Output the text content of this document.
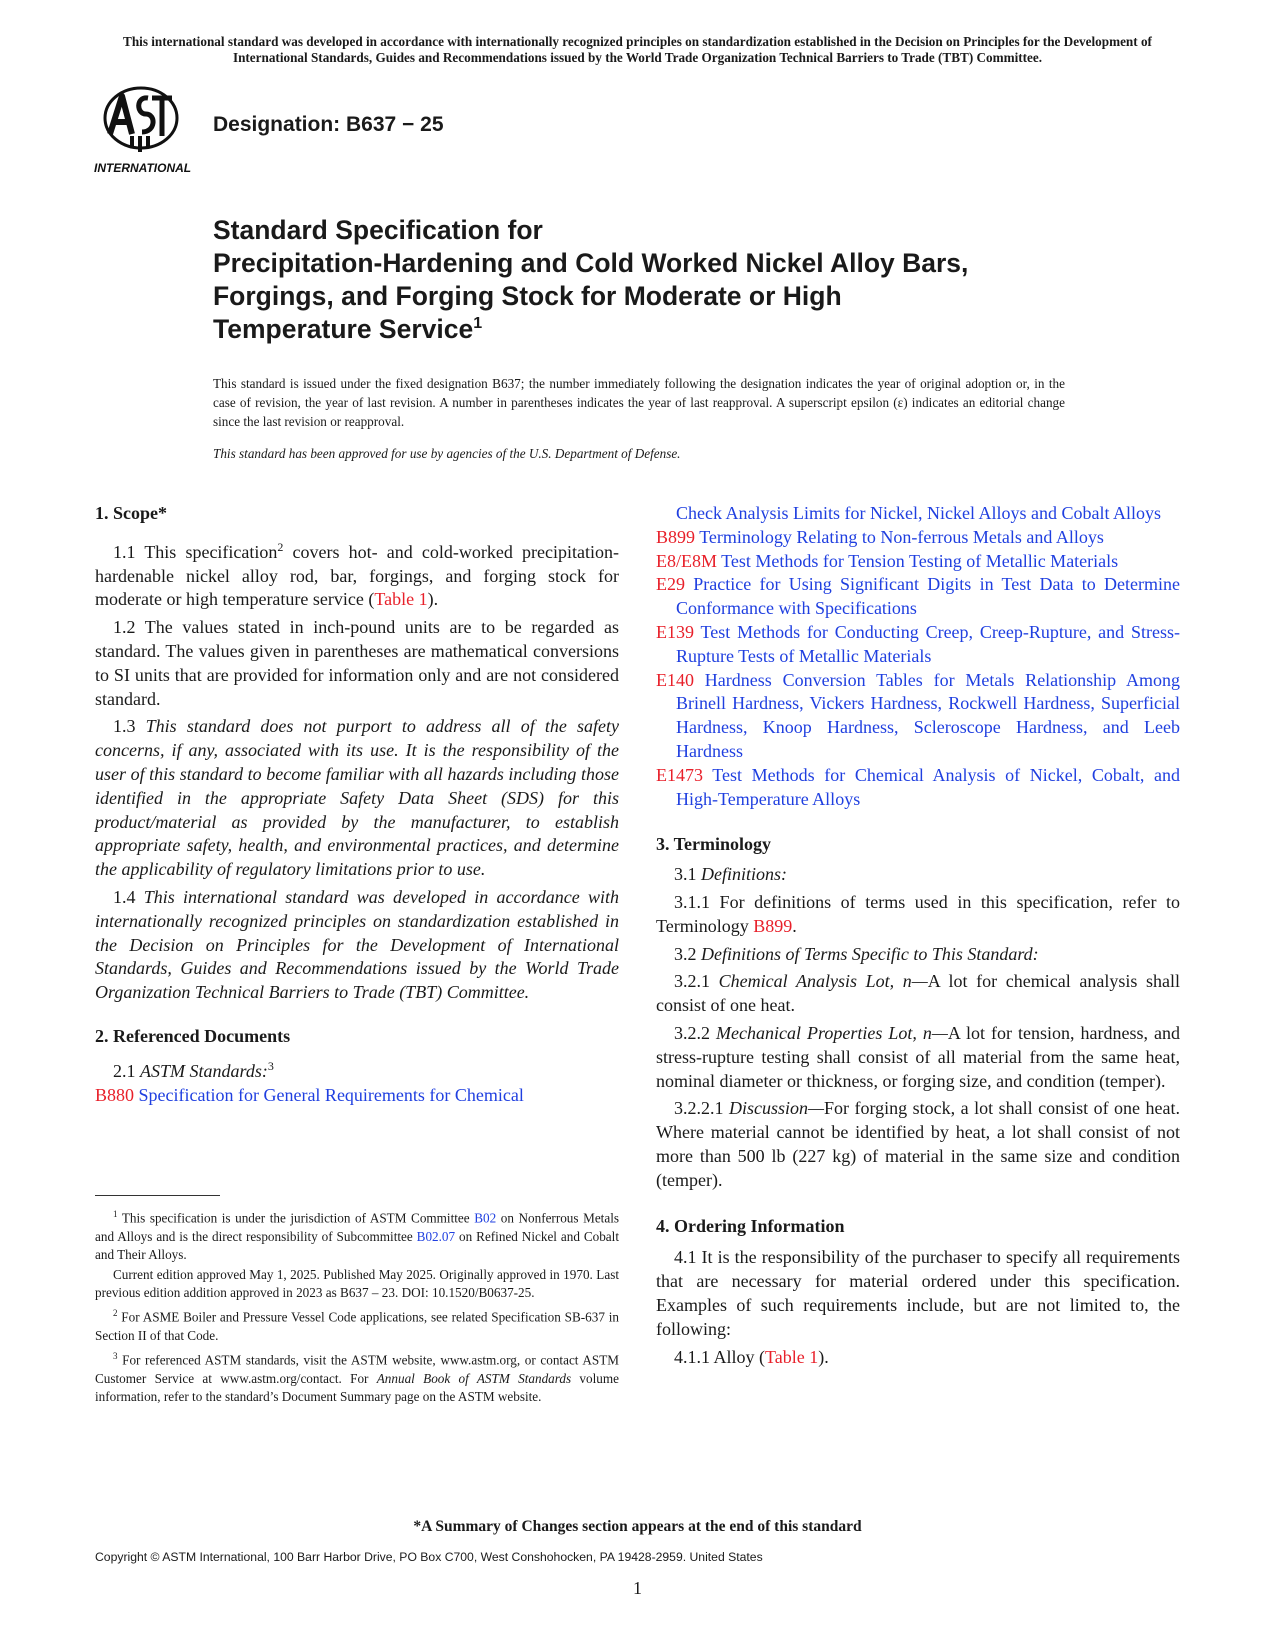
This international standard was developed in accordance with internationally recognized principles on standardization established in the Decision on Principles for the Development of International Standards, Guides and Recommendations issued by the World Trade Organization Technical Barriers to Trade (TBT) Committee.
INTERNATIONAL
Designation: B637 − 25
Standard Specification for
Precipitation-Hardening and Cold Worked Nickel Alloy Bars,
Forgings, and Forging Stock for Moderate or High
Temperature Service$^1$
This standard is issued under the fixed designation B637; the number immediately following the designation indicates the year of original adoption or, in the case of revision, the year of last revision. A number in parentheses indicates the year of last reapproval. A superscript epsilon (ε) indicates an editorial change since the last revision or reapproval.
This standard has been approved for use by agencies of the U.S. Department of Defense.

1. Scope*

1.1 This specification$^2$ covers hot- and cold-worked precipitation-hardenable nickel alloy rod, bar, forgings, and forging stock for moderate or high temperature service (Table 1).

1.2 The values stated in inch-pound units are to be regarded as standard. The values given in parentheses are mathematical conversions to SI units that are provided for information only and are not considered standard.

1.3 This standard does not purport to address all of the safety concerns, if any, associated with its use. It is the responsibility of the user of this standard to become familiar with all hazards including those identified in the appropriate Safety Data Sheet (SDS) for this product/material as provided by the manufacturer, to establish appropriate safety, health, and environmental practices, and determine the applicability of regulatory limitations prior to use.

1.4 This international standard was developed in accordance with internationally recognized principles on standardization established in the Decision on Principles for the Development of International Standards, Guides and Recommendations issued by the World Trade Organization Technical Barriers to Trade (TBT) Committee.

2. Referenced Documents

2.1 ASTM Standards:$^3$

B880 Specification for General Requirements for Chemical

Check Analysis Limits for Nickel, Nickel Alloys and Cobalt Alloys

B899 Terminology Relating to Non-ferrous Metals and Alloys

E8/E8M Test Methods for Tension Testing of Metallic Materials

E29 Practice for Using Significant Digits in Test Data to Determine Conformance with Specifications

E139 Test Methods for Conducting Creep, Creep-Rupture, and Stress-Rupture Tests of Metallic Materials

E140 Hardness Conversion Tables for Metals Relationship Among Brinell Hardness, Vickers Hardness, Rockwell Hardness, Superficial Hardness, Knoop Hardness, Scleroscope Hardness, and Leeb Hardness

E1473 Test Methods for Chemical Analysis of Nickel, Cobalt, and High-Temperature Alloys

3. Terminology

3.1 Definitions:

3.1.1 For definitions of terms used in this specification, refer to Terminology B899.

3.2 Definitions of Terms Specific to This Standard:

3.2.1 Chemical Analysis Lot, n—A lot for chemical analysis shall consist of one heat.

3.2.2 Mechanical Properties Lot, n—A lot for tension, hardness, and stress-rupture testing shall consist of all material from the same heat, nominal diameter or thickness, or forging size, and condition (temper).

3.2.2.1 Discussion—For forging stock, a lot shall consist of one heat. Where material cannot be identified by heat, a lot shall consist of not more than 500 lb (227 kg) of material in the same size and condition (temper).

4. Ordering Information

4.1 It is the responsibility of the purchaser to specify all requirements that are necessary for material ordered under this specification. Examples of such requirements include, but are not limited to, the following:

4.1.1 Alloy (Table 1).

$^1$ This specification is under the jurisdiction of ASTM Committee B02 on Nonferrous Metals and Alloys and is the direct responsibility of Subcommittee B02.07 on Refined Nickel and Cobalt and Their Alloys.

Current edition approved May 1, 2025. Published May 2025. Originally approved in 1970. Last previous edition addition approved in 2023 as B637 – 23. DOI: 10.1520/B0637-25.

$^2$ For ASME Boiler and Pressure Vessel Code applications, see related Specification SB-637 in Section II of that Code.

$^3$ For referenced ASTM standards, visit the ASTM website, www.astm.org, or contact ASTM Customer Service at www.astm.org/contact. For Annual Book of ASTM Standards volume information, refer to the standard’s Document Summary page on the ASTM website.

*A Summary of Changes section appears at the end of this standard
Copyright © ASTM International, 100 Barr Harbor Drive, PO Box C700, West Conshohocken, PA 19428-2959. United States
1
